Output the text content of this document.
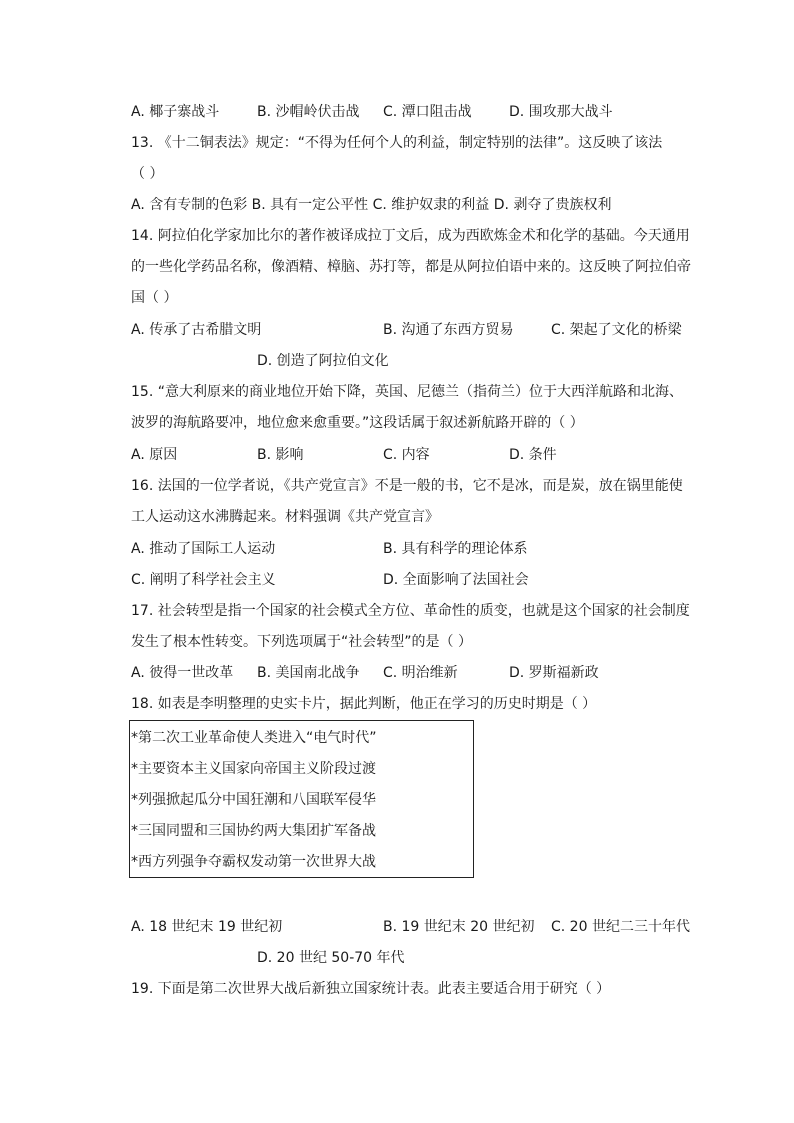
A. 椰子寨战斗	B. 沙帽岭伏击战 C. 潭口阻击战	D. 围攻那大战斗
13. 《十二铜表法》规定：“不得为任何个人的利益，制定特别的法律”。这反映了该法
（ ）
A. 含有专制的色彩 B. 具有一定公平性 C. 维护奴隶的利益 D. 剥夺了贵族权利
14. 阿拉伯化学家加比尔的著作被译成拉丁文后，成为西欧炼金术和化学的基础。今天通用
的一些化学药品名称，像酒精、樟脑、苏打等，都是从阿拉伯语中来的。这反映了阿拉伯帝
国（ ）
A. 传承了古希腊文明	B. 沟通了东西方贸易	C. 架起了文化的桥梁
D. 创造了阿拉伯文化
15. “意大利原来的商业地位开始下降，英国、尼德兰（指荷兰）位于大西洋航路和北海、
波罗的海航路要冲，地位愈来愈重要。”这段话属于叙述新航路开辟的（ ）
A. 原因	B. 影响	C. 内容	D. 条件
16. 法国的一位学者说，《共产党宣言》不是一般的书，它不是冰，而是炭，放在锅里能使
工人运动这水沸腾起来。材料强调《共产党宣言》
A. 推动了国际工人运动	B. 具有科学的理论体系
C. 阐明了科学社会主义	D. 全面影响了法国社会
17. 社会转型是指一个国家的社会模式全方位、革命性的质变，也就是这个国家的社会制度
发生了根本性转变。下列选项属于“社会转型”的是（ ）
A. 彼得一世改革 B. 美国南北战争 C. 明治维新	D. 罗斯福新政
18. 如表是李明整理的史实卡片，据此判断，他正在学习的历史时期是（ ）
*第二次工业革命使人类进入“电气时代”
*主要资本主义国家向帝国主义阶段过渡
*列强掀起瓜分中国狂潮和八国联军侵华
*三国同盟和三国协约两大集团扩军备战
*西方列强争夺霸权发动第一次世界大战
A. 18 世纪末 19 世纪初	B. 19 世纪末 20 世纪初 C. 20 世纪二三十年代
D. 20 世纪 50-70 年代
19. 下面是第二次世界大战后新独立国家统计表。此表主要适合用于研究（ ）
